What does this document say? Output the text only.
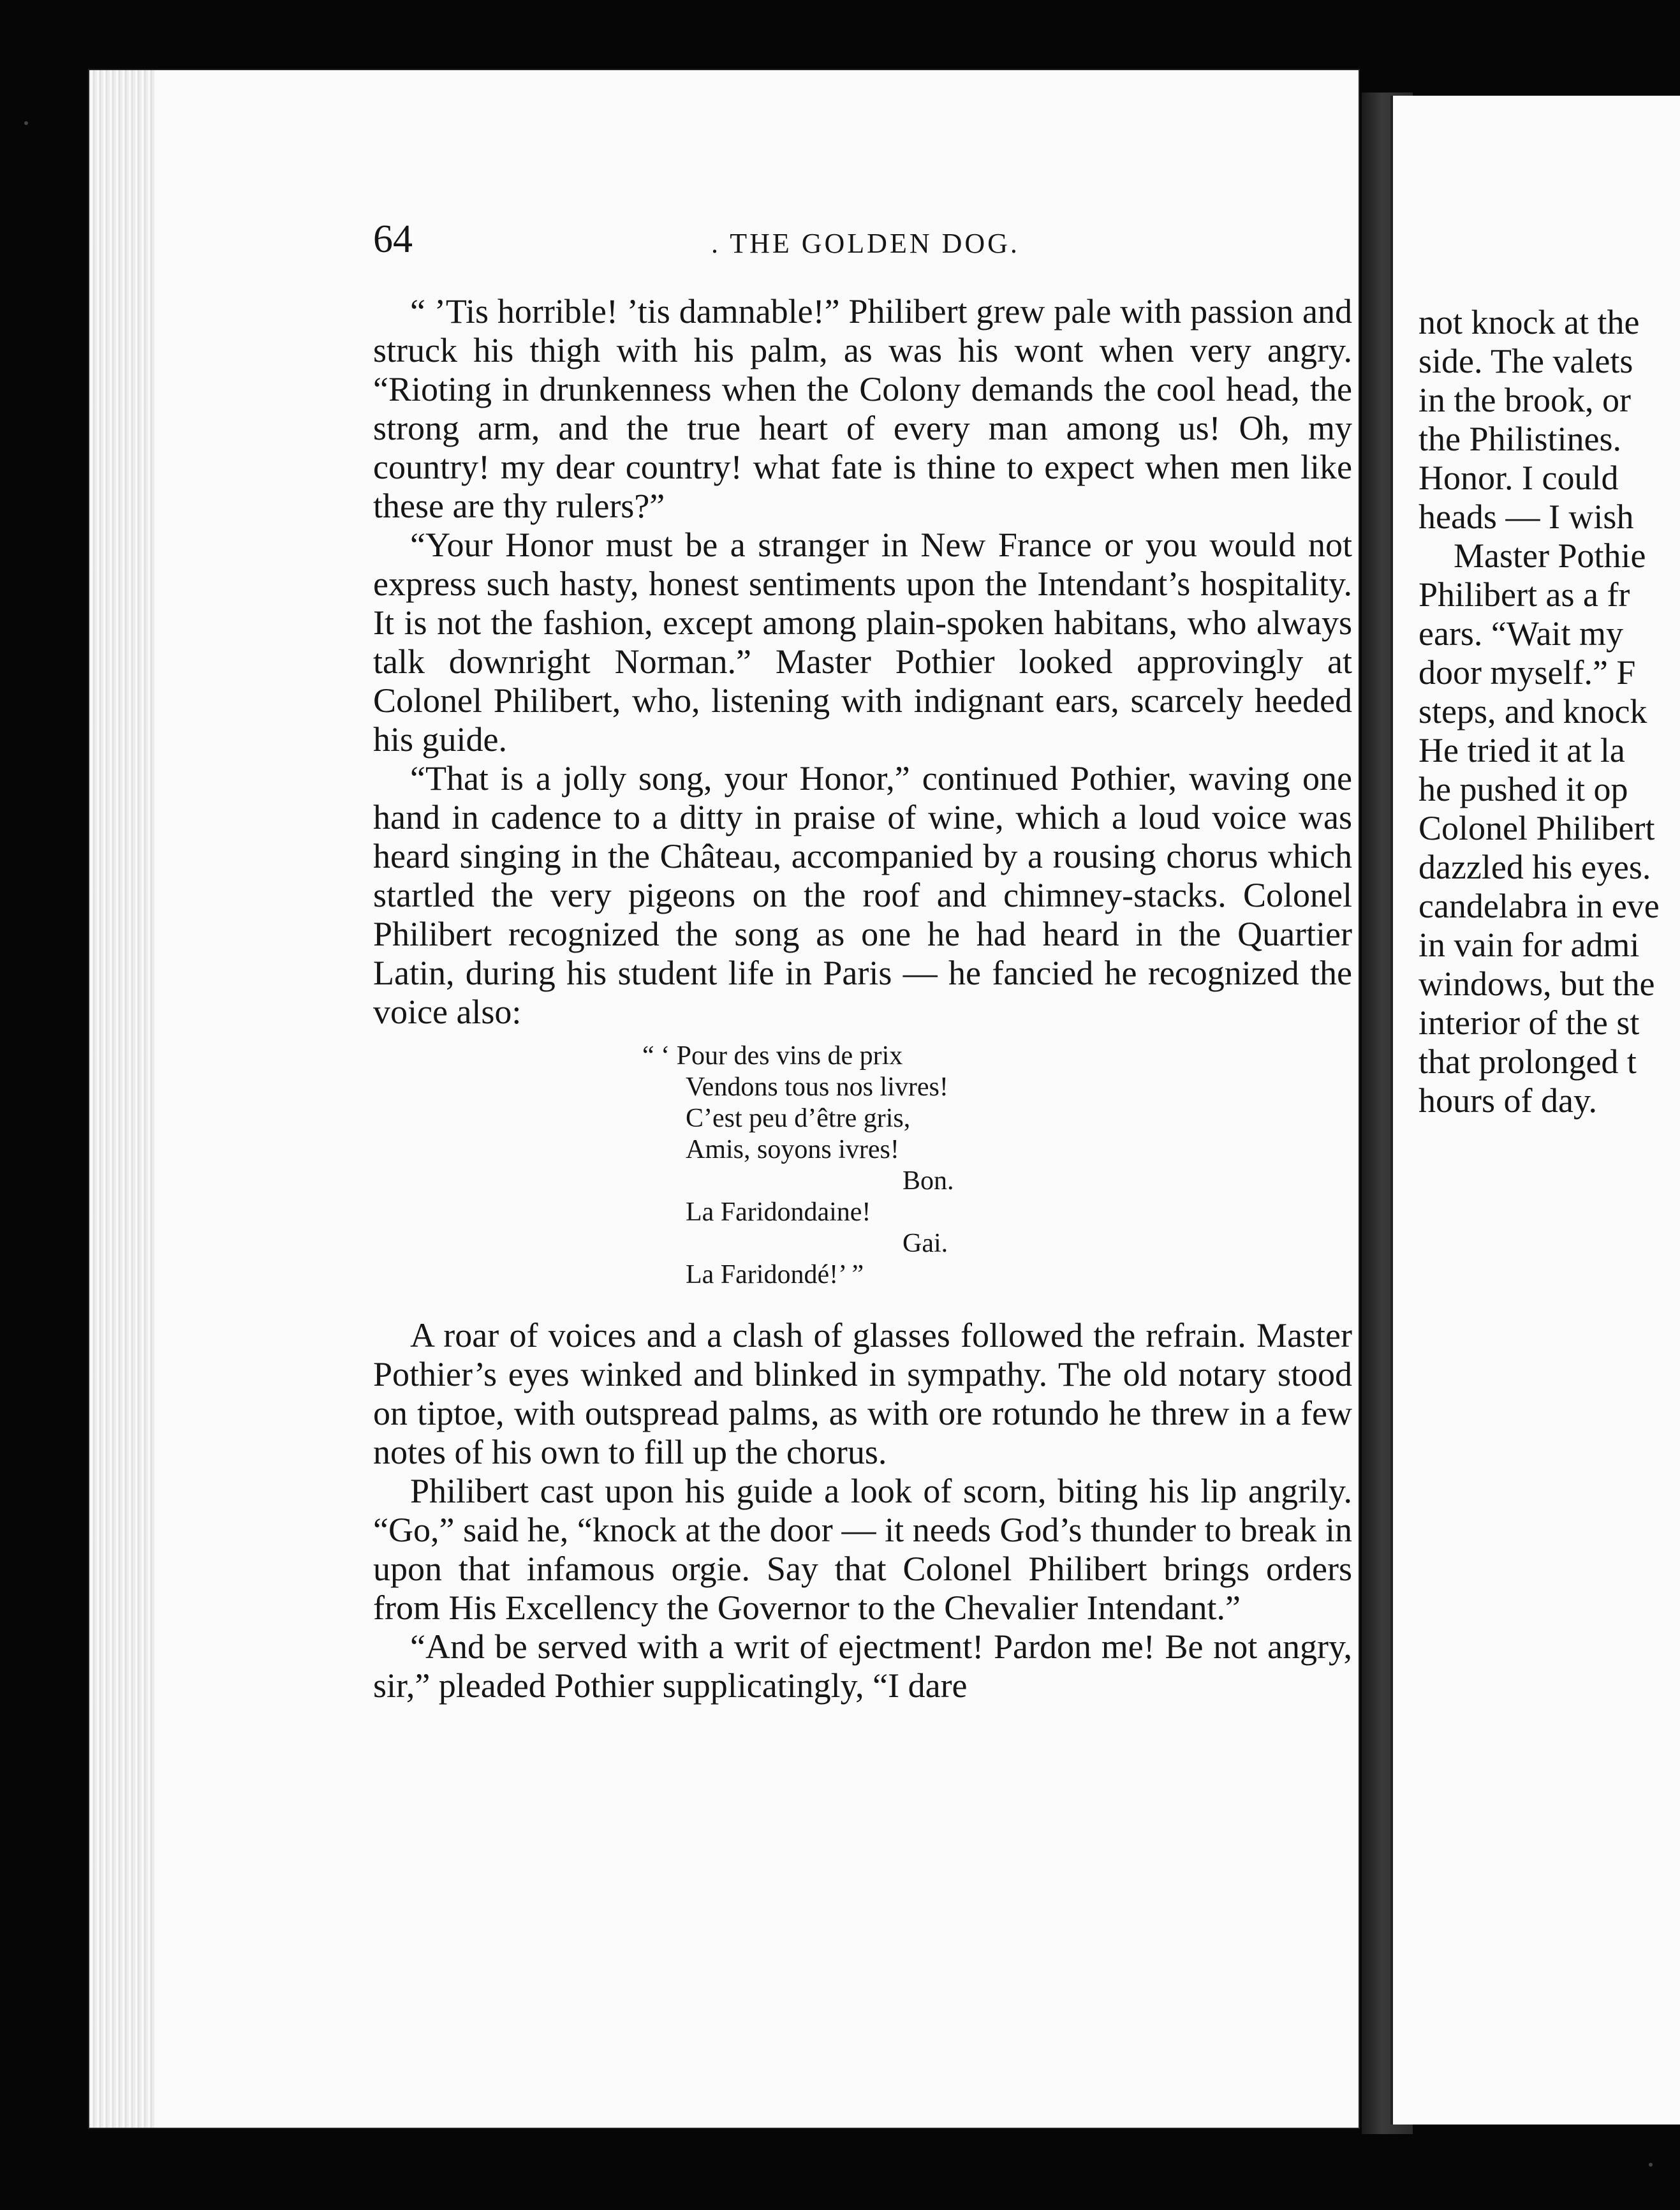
64	. THE GOLDEN DOG.

“ ’Tis horrible! ’tis damnable!” Philibert grew pale with passion and struck his thigh with his palm, as was his wont when very angry. “Rioting in drunkenness when the Colony demands the cool head, the strong arm, and the true heart of every man among us! Oh, my country! my dear country! what fate is thine to expect when men like these are thy rulers?”

“Your Honor must be a stranger in New France or you would not express such hasty, honest sentiments upon the Intendant’s hospitality. It is not the fashion, except among plain-spoken habitans, who always talk downright Norman.” Master Pothier looked approvingly at Colonel Philibert, who, listening with indignant ears, scarcely heeded his guide.

“That is a jolly song, your Honor,” continued Pothier, waving one hand in cadence to a ditty in praise of wine, which a loud voice was heard singing in the Château, accompanied by a rousing chorus which startled the very pigeons on the roof and chimney-stacks. Colonel Philibert recognized the song as one he had heard in the Quartier Latin, during his student life in Paris — he fancied he recognized the voice also:

“ ‘ Pour des vins de prix
Vendons tous nos livres!
C’est peu d’être gris,
Amis, soyons ivres!
Bon.
La Faridondaine!
Gai.
La Faridondé!’ ”

A roar of voices and a clash of glasses followed the refrain. Master Pothier’s eyes winked and blinked in sympathy. The old notary stood on tiptoe, with outspread palms, as with ore rotundo he threw in a few notes of his own to fill up the chorus.

Philibert cast upon his guide a look of scorn, biting his lip angrily. “Go,” said he, “knock at the door — it needs God’s thunder to break in upon that infamous orgie. Say that Colonel Philibert brings orders from His Excellency the Governor to the Chevalier Intendant.”

“And be served with a writ of ejectment! Pardon me! Be not angry, sir,” pleaded Pothier supplicatingly, “I dare

not knock at the
side. The valets
in the brook, or
the Philistines.
Honor. I could
heads — I wish
Master Pothie
Philibert as a fr
ears. “Wait my
door myself.” F
steps, and knock
He tried it at la
he pushed it op
Colonel Philibert
dazzled his eyes.
candelabra in eve
in vain for admi
windows, but the
interior of the st
that prolonged t
hours of day.
